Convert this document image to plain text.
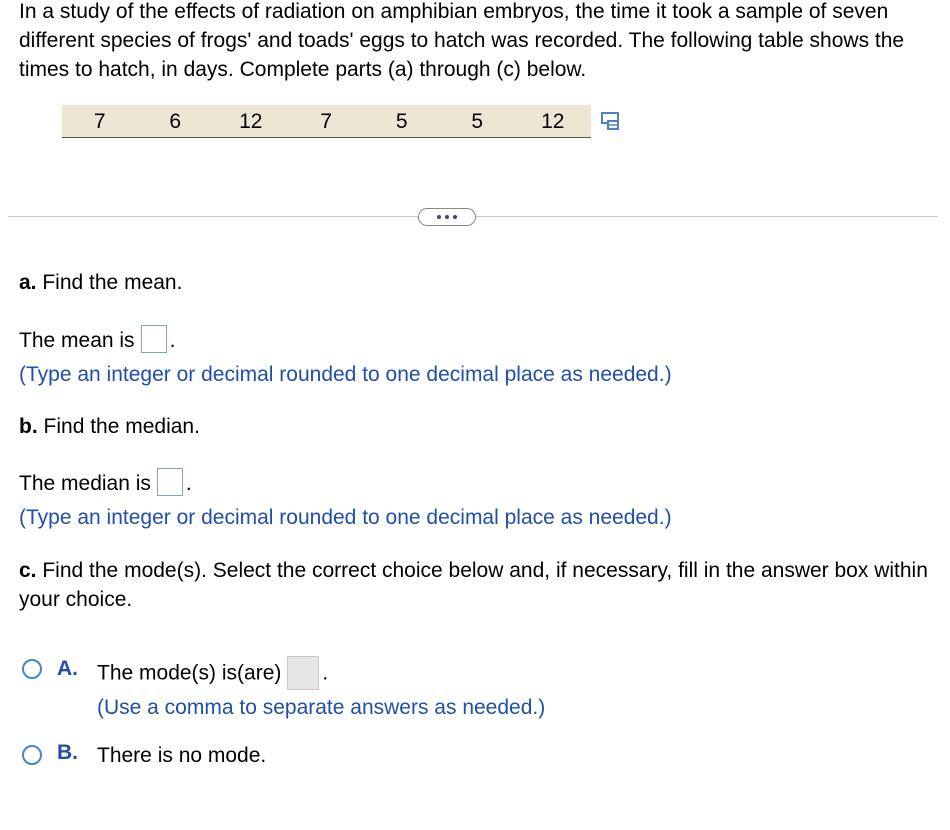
In a study of the effects of radiation on amphibian embryos, the time it took a sample of seven different species of frogs' and toads' eggs to hatch was recorded. The following table shows the times to hatch, in days. Complete parts (a) through (c) below.
7	6	12	7	5	5	12
a. Find the mean.
The mean is .
(Type an integer or decimal rounded to one decimal place as needed.)
b. Find the median.
The median is .
(Type an integer or decimal rounded to one decimal place as needed.)
c. Find the mode(s). Select the correct choice below and, if necessary, fill in the answer box within your choice.
A. The mode(s) is(are) .
(Use a comma to separate answers as needed.)
B. There is no mode.
